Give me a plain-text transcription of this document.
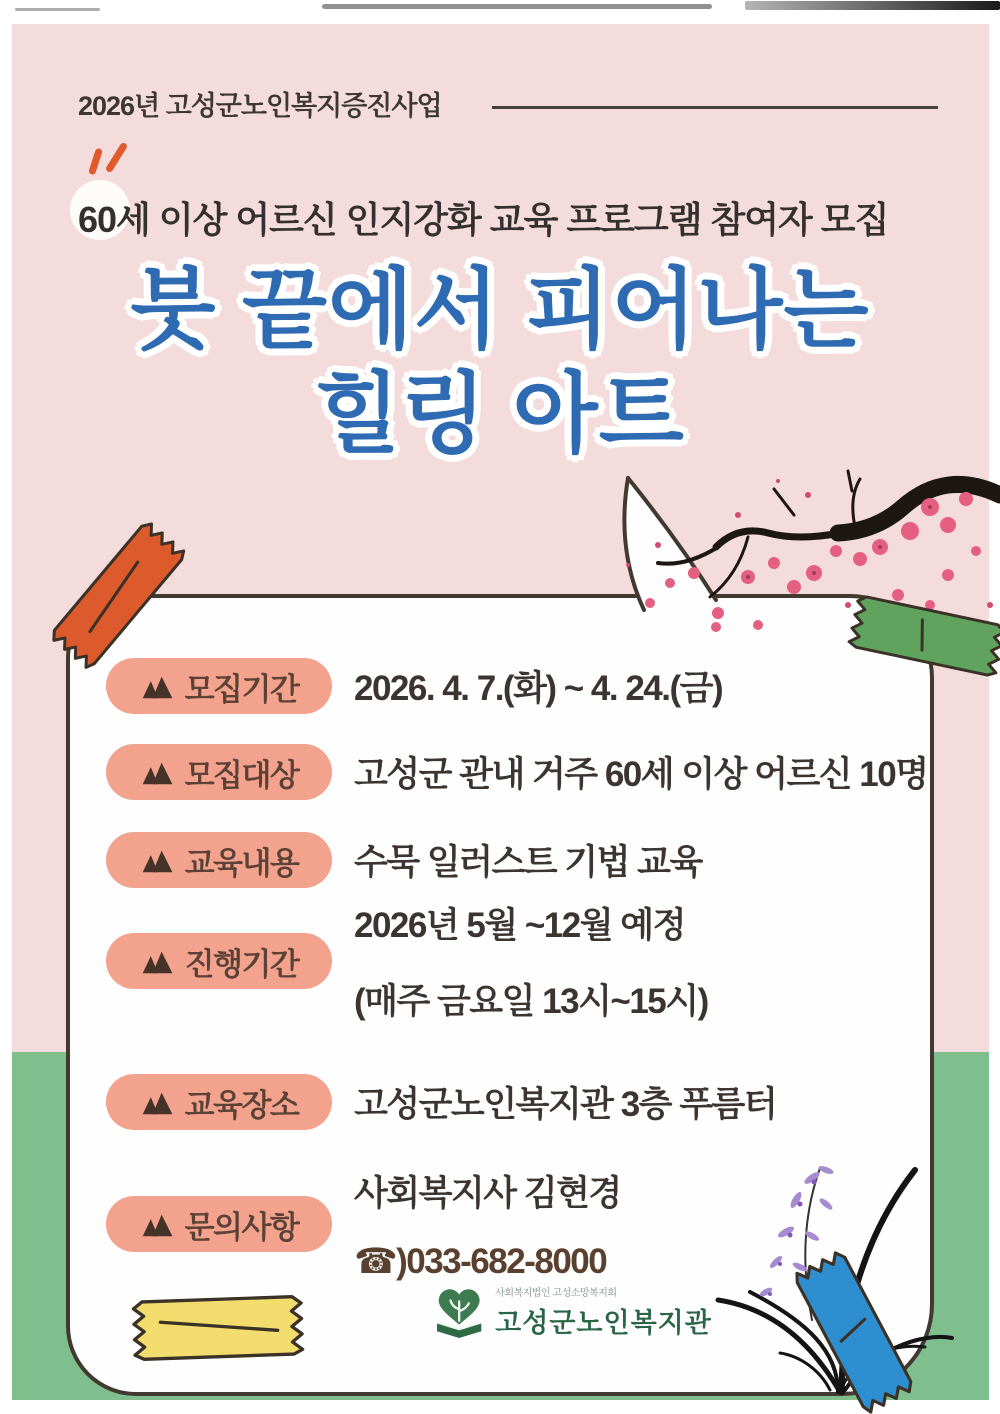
2026년 고성군노인복지증진사업
60세 이상 어르신 인지강화 교육 프로그램 참여자 모집
붓 끝에서 피어나는
힐링 아트
모집기간 2026. 4. 7.(화) ~ 4. 24.(금)
모집대상 고성군 관내 거주 60세 이상 어르신 10명
교육내용 수묵 일러스트 기법 교육
진행기간
2026년 5월 ~12월 예정
(매주 금요일 13시~15시)
교육장소 고성군노인복지관 3층 푸름터
문의사항
사회복지사 김현경
☎)033-682-8000
사회복지법인 고성소망복지회
고성군노인복지관
